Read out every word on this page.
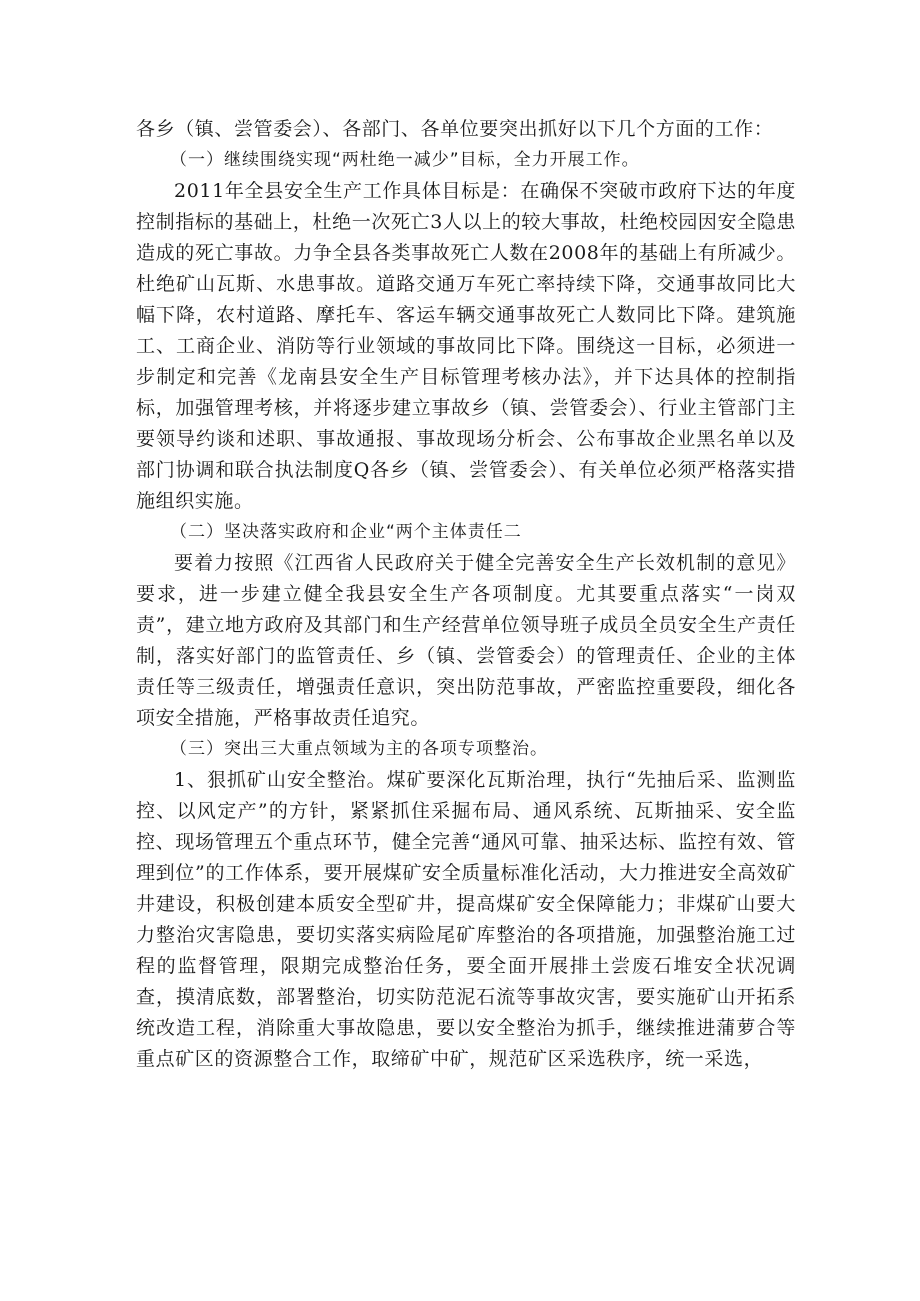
各乡（镇、尝管委会）、各部门、各单位要突出抓好以下几个方面的工作：

（一）继续围绕实现“两杜绝一减少”目标，全力开展工作。

2011年全县安全生产工作具体目标是：在确保不突破市政府下达的年度控制指标的基础上，杜绝一次死亡3人以上的较大事故，杜绝校园因安全隐患造成的死亡事故。力争全县各类事故死亡人数在2008年的基础上有所减少。杜绝矿山瓦斯、水患事故。道路交通万车死亡率持续下降，交通事故同比大幅下降，农村道路、摩托车、客运车辆交通事故死亡人数同比下降。建筑施工、工商企业、消防等行业领域的事故同比下降。围绕这一目标，必须进一步制定和完善《龙南县安全生产目标管理考核办法》，并下达具体的控制指标，加强管理考核，并将逐步建立事故乡（镇、尝管委会）、行业主管部门主要领导约谈和述职、事故通报、事故现场分析会、公布事故企业黑名单以及部门协调和联合执法制度Q各乡（镇、尝管委会）、有关单位必须严格落实措施组织实施。

（二）坚决落实政府和企业“两个主体责任二

要着力按照《江西省人民政府关于健全完善安全生产长效机制的意见》要求，进一步建立健全我县安全生产各项制度。尤其要重点落实“一岗双责”，建立地方政府及其部门和生产经营单位领导班子成员全员安全生产责任制，落实好部门的监管责任、乡（镇、尝管委会）的管理责任、企业的主体责任等三级责任，增强责任意识，突出防范事故，严密监控重要段，细化各项安全措施，严格事故责任追究。

（三）突出三大重点领域为主的各项专项整治。

1、狠抓矿山安全整治。煤矿要深化瓦斯治理，执行“先抽后采、监测监控、以风定产”的方针，紧紧抓住采掘布局、通风系统、瓦斯抽采、安全监控、现场管理五个重点环节，健全完善“通风可靠、抽采达标、监控有效、管理到位”的工作体系，要开展煤矿安全质量标准化活动，大力推进安全高效矿井建设，积极创建本质安全型矿井，提高煤矿安全保障能力；非煤矿山要大力整治灾害隐患，要切实落实病险尾矿库整治的各项措施，加强整治施工过程的监督管理，限期完成整治任务，要全面开展排土尝废石堆安全状况调查，摸清底数，部署整治，切实防范泥石流等事故灾害，要实施矿山开拓系统改造工程，消除重大事故隐患，要以安全整治为抓手，继续推进蒲萝合等重点矿区的资源整合工作，取缔矿中矿，规范矿区采选秩序，统一采选，
